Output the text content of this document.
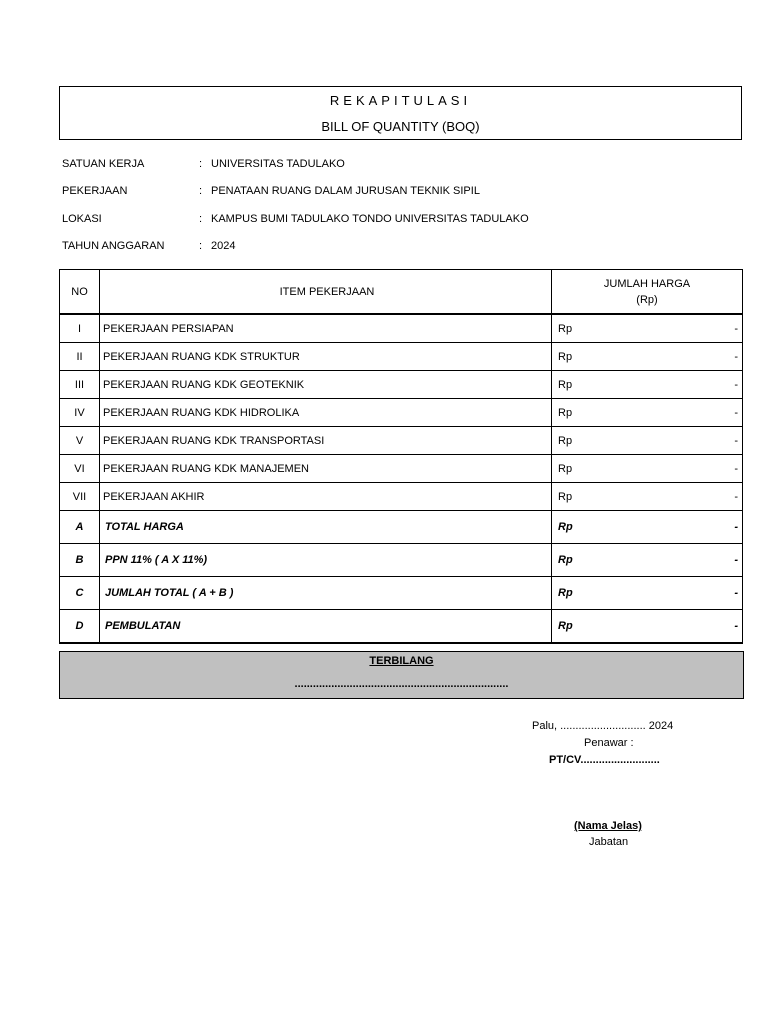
REKAPITULASI
BILL OF QUANTITY (BOQ)
SATUAN KERJA	: UNIVERSITAS TADULAKO
PEKERJAAN	: PENATAAN RUANG DALAM JURUSAN TEKNIK SIPIL
LOKASI	: KAMPUS BUMI TADULAKO TONDO UNIVERSITAS TADULAKO
TAHUN ANGGARAN	: 2024
NO	ITEM PEKERJAAN	JUMLAH HARGA
(Rp)

I	PEKERJAAN PERSIAPAN	Rp -

II	PEKERJAAN RUANG KDK STRUKTUR	Rp -

III	PEKERJAAN RUANG KDK GEOTEKNIK	Rp -

IV	PEKERJAAN RUANG KDK HIDROLIKA	Rp -

V	PEKERJAAN RUANG KDK TRANSPORTASI	Rp -

VI	PEKERJAAN RUANG KDK MANAJEMEN	Rp -

VII	PEKERJAAN AKHIR	Rp -

A	TOTAL HARGA	Rp -

B	PPN 11% ( A X 11%)	Rp -

C	JUMLAH TOTAL ( A + B )	Rp -

D	PEMBULATAN	Rp -
TERBILANG
......................................................................
Palu, ............................ 2024
Penawar :
PT/CV..........................
(Nama Jelas)
Jabatan
